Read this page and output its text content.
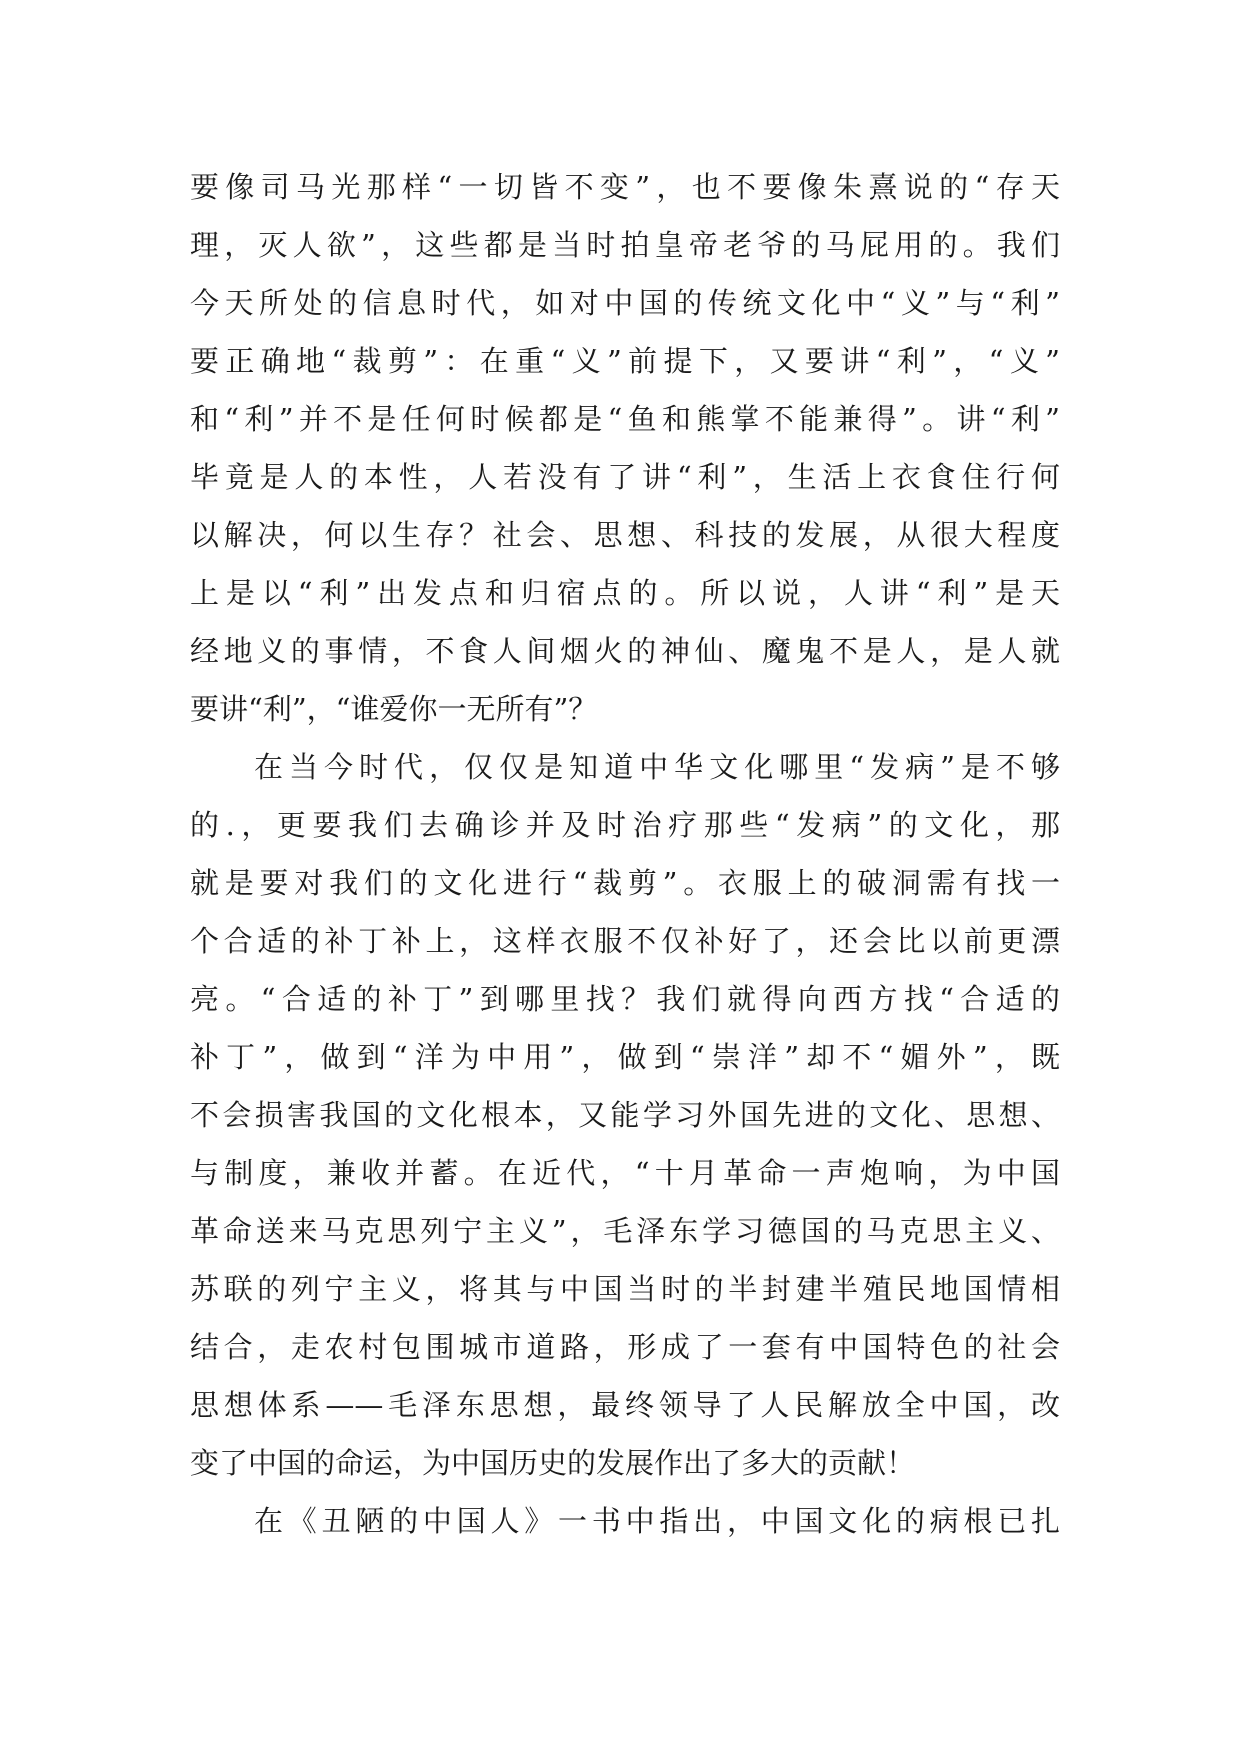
要像司马光那样“一切皆不变”，也不要像朱熹说的“存天
理，灭人欲”，这些都是当时拍皇帝老爷的马屁用的。我们
今天所处的信息时代，如对中国的传统文化中“义”与“利”
要正确地“裁剪”：在重“义”前提下，又要讲“利”，“义”
和“利”并不是任何时候都是“鱼和熊掌不能兼得”。讲“利”
毕竟是人的本性，人若没有了讲“利”，生活上衣食住行何
以解决，何以生存？社会、思想、科技的发展，从很大程度
上是以“利”出发点和归宿点的。所以说，人讲“利”是天
经地义的事情，不食人间烟火的神仙、魔鬼不是人，是人就
要讲“利”，“谁爱你一无所有”？
在当今时代，仅仅是知道中华文化哪里“发病”是不够
的.，更要我们去确诊并及时治疗那些“发病”的文化，那
就是要对我们的文化进行“裁剪”。衣服上的破洞需有找一
个合适的补丁补上，这样衣服不仅补好了，还会比以前更漂
亮。“合适的补丁”到哪里找？我们就得向西方找“合适的
补丁”，做到“洋为中用”，做到“崇洋”却不“媚外”，既
不会损害我国的文化根本，又能学习外国先进的文化、思想、
与制度，兼收并蓄。在近代，“十月革命一声炮响，为中国
革命送来马克思列宁主义”，毛泽东学习德国的马克思主义、
苏联的列宁主义，将其与中国当时的半封建半殖民地国情相
结合，走农村包围城市道路，形成了一套有中国特色的社会
思想体系——毛泽东思想，最终领导了人民解放全中国，改
变了中国的命运，为中国历史的发展作出了多大的贡献！
在《丑陋的中国人》一书中指出，中国文化的病根已扎
